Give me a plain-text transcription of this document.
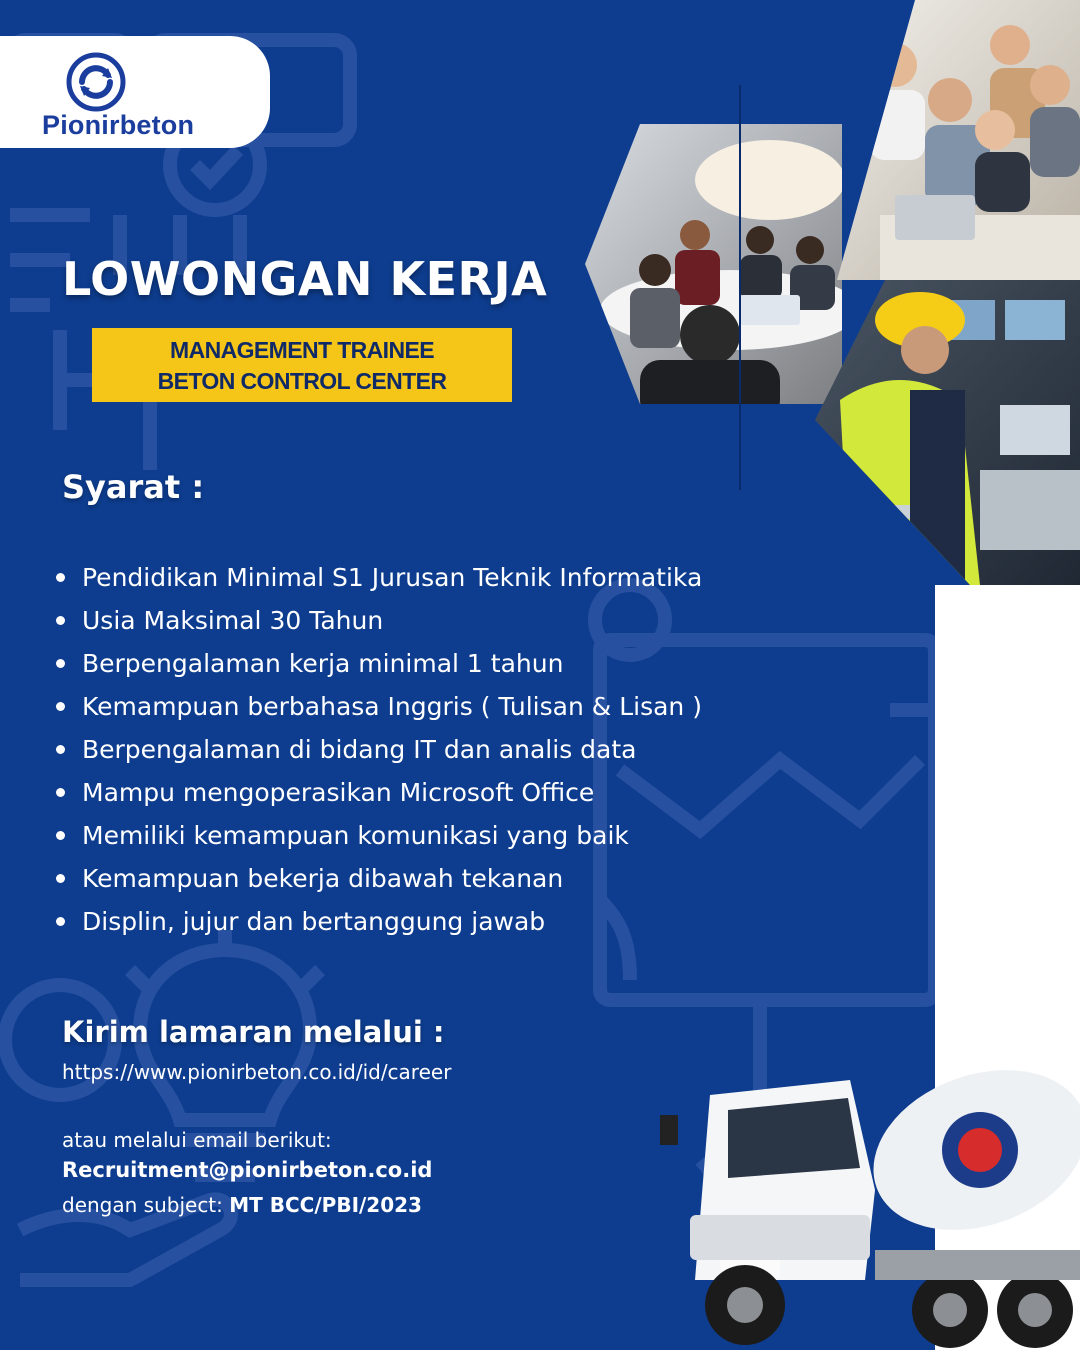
Pionirbeton
LOWONGAN KERJA
MANAGEMENT TRAINEE
BETON CONTROL CENTER
Syarat :
Pendidikan Minimal S1 Jurusan Teknik Informatika
Usia Maksimal 30 Tahun
Berpengalaman kerja minimal 1 tahun
Kemampuan berbahasa Inggris ( Tulisan & Lisan )
Berpengalaman di bidang IT dan analis data
Mampu mengoperasikan Microsoft Office
Memiliki kemampuan komunikasi yang baik
Kemampuan bekerja dibawah tekanan
Displin, jujur dan bertanggung jawab
Kirim lamaran melalui :
https://www.pionirbeton.co.id/id/career
atau melalui email berikut:
Recruitment@pionirbeton.co.id
dengan subject: MT BCC/PBI/2023
